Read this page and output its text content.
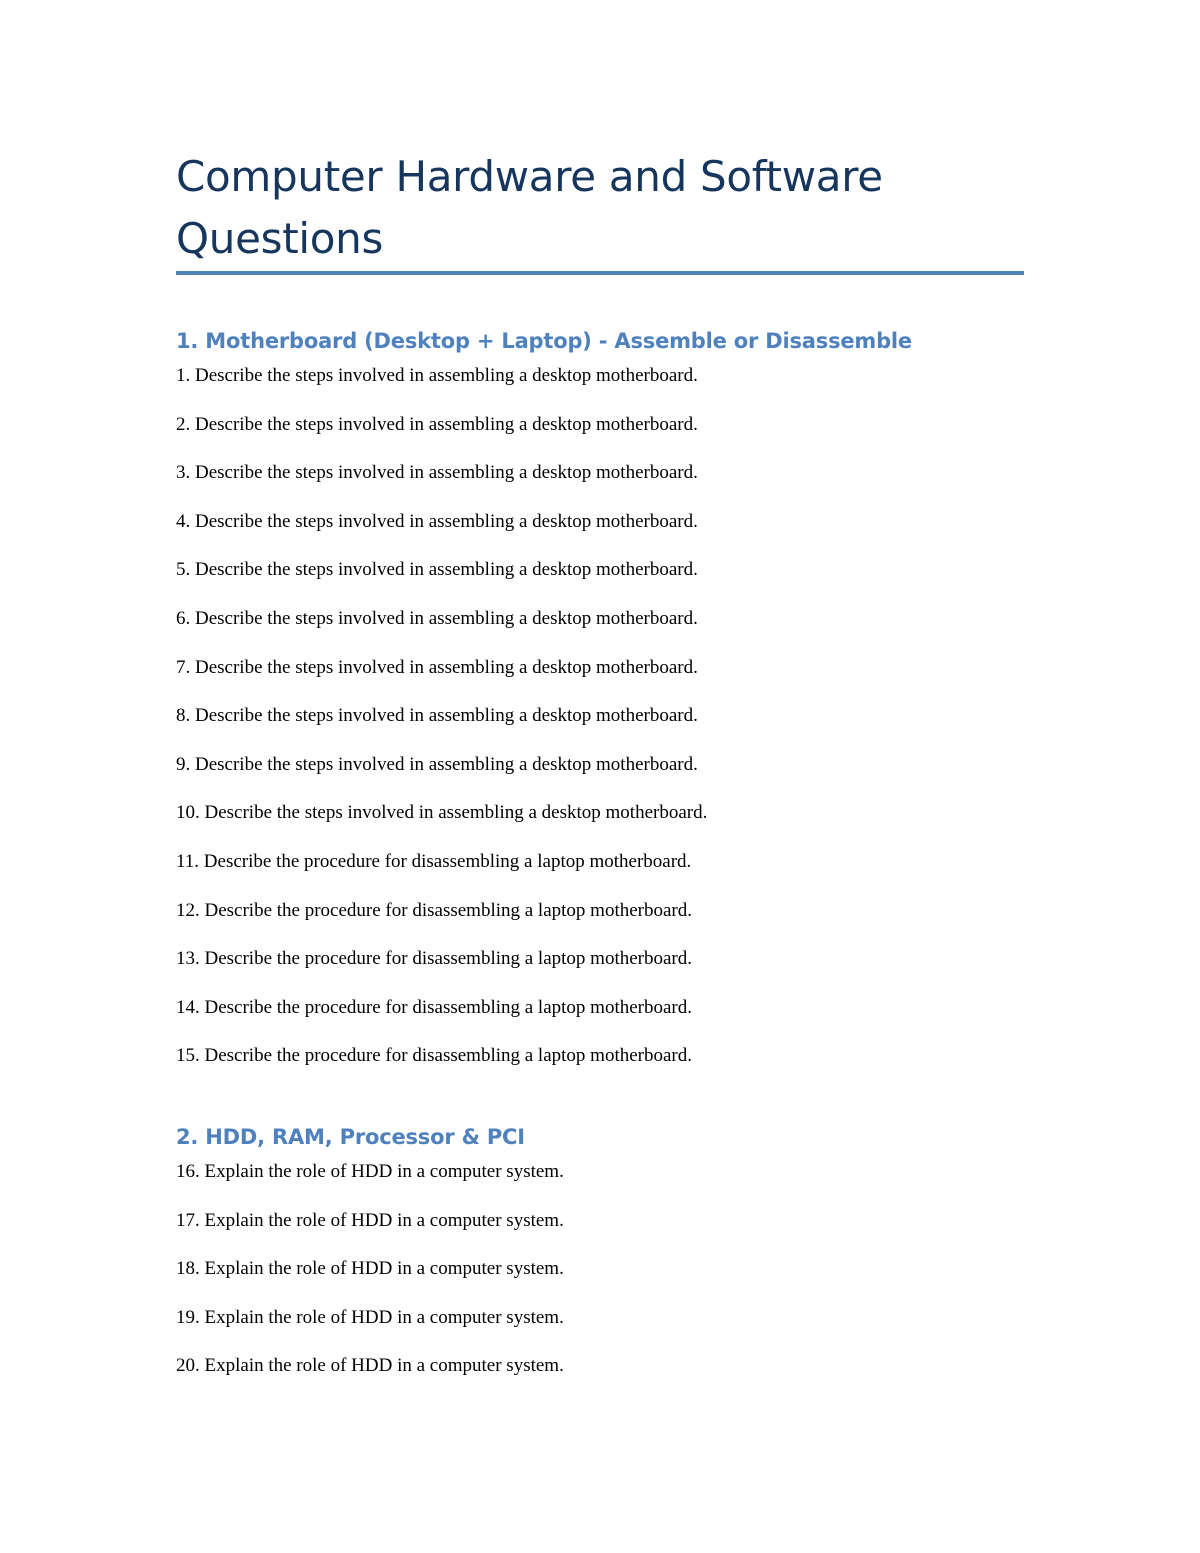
Computer Hardware and Software Questions
1. Motherboard (Desktop + Laptop) - Assemble or Disassemble
1. Describe the steps involved in assembling a desktop motherboard.
2. Describe the steps involved in assembling a desktop motherboard.
3. Describe the steps involved in assembling a desktop motherboard.
4. Describe the steps involved in assembling a desktop motherboard.
5. Describe the steps involved in assembling a desktop motherboard.
6. Describe the steps involved in assembling a desktop motherboard.
7. Describe the steps involved in assembling a desktop motherboard.
8. Describe the steps involved in assembling a desktop motherboard.
9. Describe the steps involved in assembling a desktop motherboard.
10. Describe the steps involved in assembling a desktop motherboard.
11. Describe the procedure for disassembling a laptop motherboard.
12. Describe the procedure for disassembling a laptop motherboard.
13. Describe the procedure for disassembling a laptop motherboard.
14. Describe the procedure for disassembling a laptop motherboard.
15. Describe the procedure for disassembling a laptop motherboard.
2. HDD, RAM, Processor & PCI
16. Explain the role of HDD in a computer system.
17. Explain the role of HDD in a computer system.
18. Explain the role of HDD in a computer system.
19. Explain the role of HDD in a computer system.
20. Explain the role of HDD in a computer system.
